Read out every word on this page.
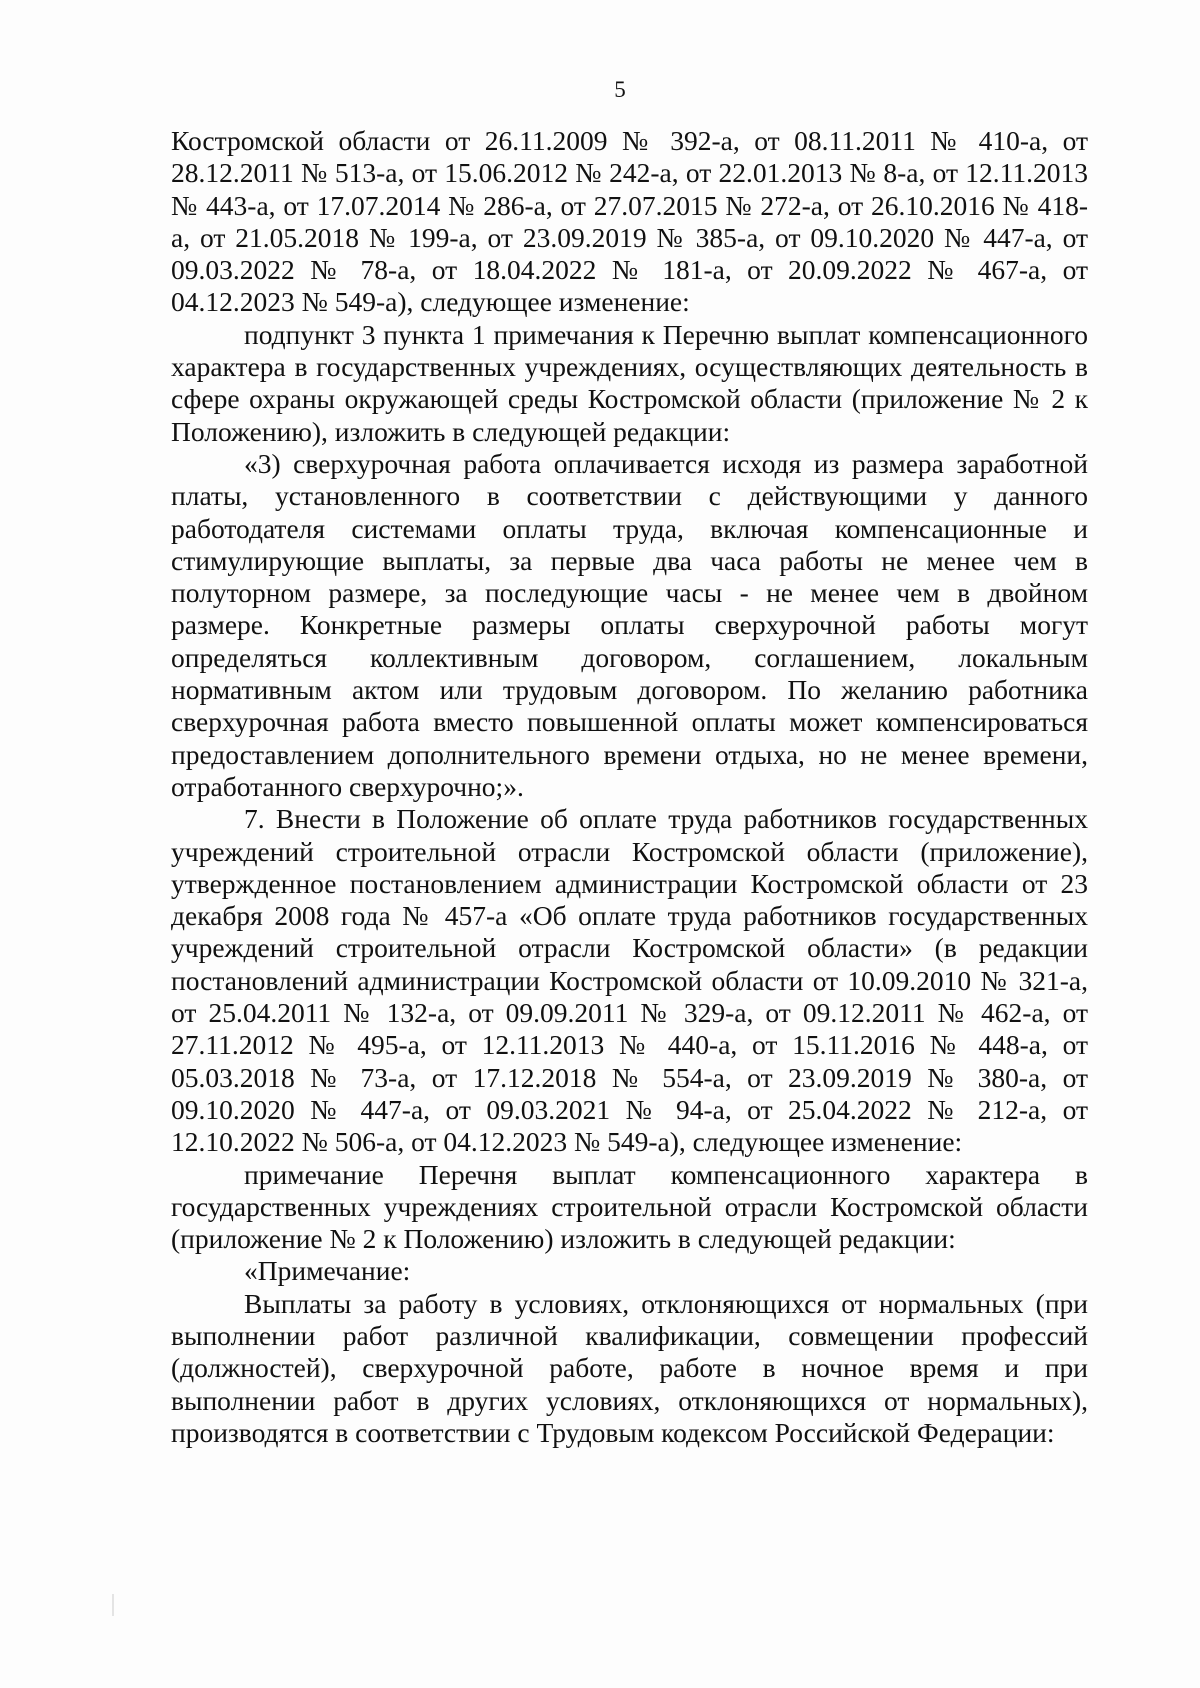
5

Костромской области от 26.11.2009 № 392-а, от 08.11.2011 № 410-а, от 28.12.2011 № 513-а, от 15.06.2012 № 242-а, от 22.01.2013 № 8-а, от 12.11.2013 № 443-а, от 17.07.2014 № 286-а, от 27.07.2015 № 272-а, от 26.10.2016 № 418-а, от 21.05.2018 № 199-а, от 23.09.2019 № 385-а, от 09.10.2020 № 447-а, от 09.03.2022 № 78-а, от 18.04.2022 № 181-а, от 20.09.2022 № 467-а, от 04.12.2023 № 549-а), следующее изменение:

подпункт 3 пункта 1 примечания к Перечню выплат компенсационного характера в государственных учреждениях, осуществляющих деятельность в сфере охраны окружающей среды Костромской области (приложение № 2 к Положению), изложить в следующей редакции:

«3) сверхурочная работа оплачивается исходя из размера заработной платы, установленного в соответствии с действующими у данного работодателя системами оплаты труда, включая компенсационные и стимулирующие выплаты, за первые два часа работы не менее чем в полуторном размере, за последующие часы - не менее чем в двойном размере. Конкретные размеры оплаты сверхурочной работы могут определяться коллективным договором, соглашением, локальным нормативным актом или трудовым договором. По желанию работника сверхурочная работа вместо повышенной оплаты может компенсироваться предоставлением дополнительного времени отдыха, но не менее времени, отработанного сверхурочно;».

7. Внести в Положение об оплате труда работников государственных учреждений строительной отрасли Костромской области (приложение), утвержденное постановлением администрации Костромской области от 23 декабря 2008 года № 457-а «Об оплате труда работников государственных учреждений строительной отрасли Костромской области» (в редакции постановлений администрации Костромской области от 10.09.2010 № 321-а, от 25.04.2011 № 132-а, от 09.09.2011 № 329-а, от 09.12.2011 № 462-а, от 27.11.2012 № 495-а, от 12.11.2013 № 440-а, от 15.11.2016 № 448-а, от 05.03.2018 № 73-а, от 17.12.2018 № 554-а, от 23.09.2019 № 380-а, от 09.10.2020 № 447-а, от 09.03.2021 № 94-а, от 25.04.2022 № 212-а, от 12.10.2022 № 506-а, от 04.12.2023 № 549-а), следующее изменение:

примечание Перечня выплат компенсационного характера в государственных учреждениях строительной отрасли Костромской области (приложение № 2 к Положению) изложить в следующей редакции:

«Примечание:

Выплаты за работу в условиях, отклоняющихся от нормальных (при выполнении работ различной квалификации, совмещении профессий (должностей), сверхурочной работе, работе в ночное время и при выполнении работ в других условиях, отклоняющихся от нормальных), производятся в соответствии с Трудовым кодексом Российской Федерации:
